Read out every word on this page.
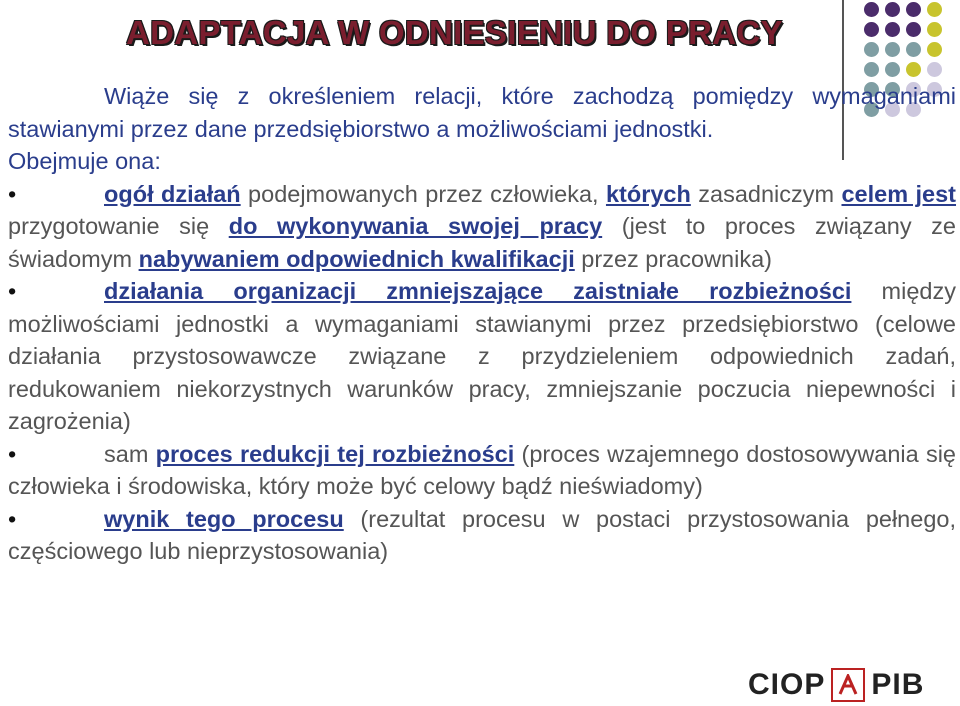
ADAPTACJA W ODNIESIENIU DO PRACY

Wiąże się z określeniem relacji, które zachodzą pomiędzy wymaganiami stawianymi przez dane przedsiębiorstwo a możliwościami jednostki.

Obejmuje ona:

•	ogół działań podejmowanych przez człowieka, których zasadniczym celem jest przygotowanie się do wykonywania swojej pracy (jest to proces związany ze świadomym nabywaniem odpowiednich kwalifikacji przez pracownika)

•	działania organizacji zmniejszające zaistniałe rozbieżności między możliwościami jednostki a wymaganiami stawianymi przez przedsiębiorstwo (celowe działania przystosowawcze związane z przydzieleniem odpowiednich zadań, redukowaniem niekorzystnych warunków pracy, zmniejszanie poczucia niepewności i zagrożenia)

•	sam proces redukcji tej rozbieżności (proces wzajemnego dostosowywania się człowieka i środowiska, który może być celowy bądź nieświadomy)

•	wynik tego procesu (rezultat procesu w postaci przystosowania pełnego, częściowego lub nieprzystosowania)

CIOP PIB
